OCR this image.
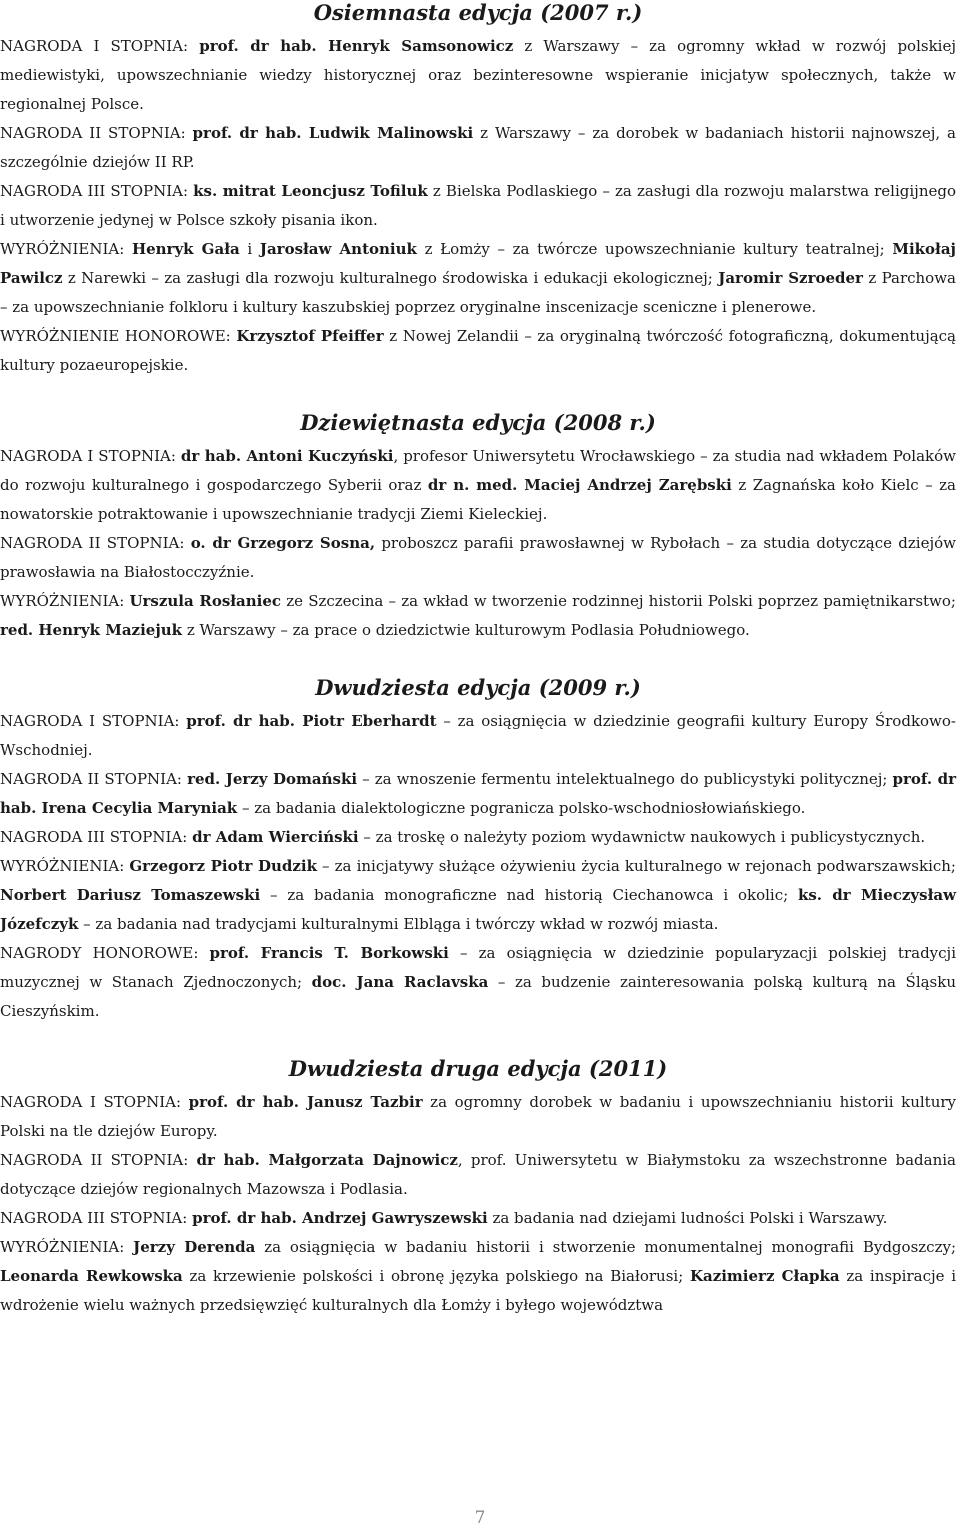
Osiemnasta edycja (2007 r.)

NAGRODA I STOPNIA: prof. dr hab. Henryk Samsonowicz z Warszawy – za ogromny wkład w rozwój polskiej mediewistyki, upowszechnianie wiedzy historycznej oraz bezinteresowne wspieranie inicjatyw społecznych, także w regionalnej Polsce.

NAGRODA II STOPNIA: prof. dr hab. Ludwik Malinowski z Warszawy – za dorobek w badaniach historii najnowszej, a szczególnie dziejów II RP.

NAGRODA III STOPNIA: ks. mitrat Leoncjusz Tofiluk z Bielska Podlaskiego – za zasługi dla rozwoju malarstwa religijnego i utworzenie jedynej w Polsce szkoły pisania ikon.

WYRÓŻNIENIA: Henryk Gała i Jarosław Antoniuk z Łomży – za twórcze upowszechnianie kultury teatralnej; Mikołaj Pawilcz z Narewki – za zasługi dla rozwoju kulturalnego środowiska i edukacji ekologicznej; Jaromir Szroeder z Parchowa – za upowszechnianie folkloru i kultury kaszubskiej poprzez oryginalne inscenizacje sceniczne i plenerowe.

WYRÓŻNIENIE HONOROWE: Krzysztof Pfeiffer z Nowej Zelandii – za oryginalną twórczość fotograficzną, dokumentującą kultury pozaeuropejskie.

Dziewiętnasta edycja (2008 r.)

NAGRODA I STOPNIA: dr hab. Antoni Kuczyński, profesor Uniwersytetu Wrocławskiego – za studia nad wkładem Polaków do rozwoju kulturalnego i gospodarczego Syberii oraz dr n. med. Maciej Andrzej Zarębski z Zagnańska koło Kielc – za nowatorskie potraktowanie i upowszechnianie tradycji Ziemi Kieleckiej.

NAGRODA II STOPNIA: o. dr Grzegorz Sosna, proboszcz parafii prawosławnej w Rybołach – za studia dotyczące dziejów prawosławia na Białostocczyźnie.

WYRÓŻNIENIA: Urszula Rosłaniec ze Szczecina – za wkład w tworzenie rodzinnej historii Polski poprzez pamiętnikarstwo; red. Henryk Maziejuk z Warszawy – za prace o dziedzictwie kulturowym Podlasia Południowego.

Dwudziesta edycja (2009 r.)

NAGRODA I STOPNIA: prof. dr hab. Piotr Eberhardt – za osiągnięcia w dziedzinie geografii kultury Europy Środkowo-Wschodniej.

NAGRODA II STOPNIA: red. Jerzy Domański – za wnoszenie fermentu intelektualnego do publicystyki politycznej; prof. dr hab. Irena Cecylia Maryniak – za badania dialektologiczne pogranicza polsko-wschodniosłowiańskiego.

NAGRODA III STOPNIA: dr Adam Wierciński – za troskę o należyty poziom wydawnictw naukowych i publicystycznych.

WYRÓŻNIENIA: Grzegorz Piotr Dudzik – za inicjatywy służące ożywieniu życia kulturalnego w rejonach podwarszawskich; Norbert Dariusz Tomaszewski – za badania monograficzne nad historią Ciechanowca i okolic; ks. dr Mieczysław Józefczyk – za badania nad tradycjami kulturalnymi Elbląga i twórczy wkład w rozwój miasta.

NAGRODY HONOROWE: prof. Francis T. Borkowski – za osiągnięcia w dziedzinie popularyzacji polskiej tradycji muzycznej w Stanach Zjednoczonych; doc. Jana Raclavska – za budzenie zainteresowania polską kulturą na Śląsku Cieszyńskim.

Dwudziesta druga edycja (2011)

NAGRODA I STOPNIA: prof. dr hab. Janusz Tazbir za ogromny dorobek w badaniu i upowszechnianiu historii kultury Polski na tle dziejów Europy.

NAGRODA II STOPNIA: dr hab. Małgorzata Dajnowicz, prof. Uniwersytetu w Białymstoku za wszechstronne badania dotyczące dziejów regionalnych Mazowsza i Podlasia.

NAGRODA III STOPNIA: prof. dr hab. Andrzej Gawryszewski za badania nad dziejami ludności Polski i Warszawy.

WYRÓŻNIENIA: Jerzy Derenda za osiągnięcia w badaniu historii i stworzenie monumentalnej monografii Bydgoszczy; Leonarda Rewkowska za krzewienie polskości i obronę języka polskiego na Białorusi; Kazimierz Cłapka za inspiracje i wdrożenie wielu ważnych przedsięwzięć kulturalnych dla Łomży i byłego województwa

7
